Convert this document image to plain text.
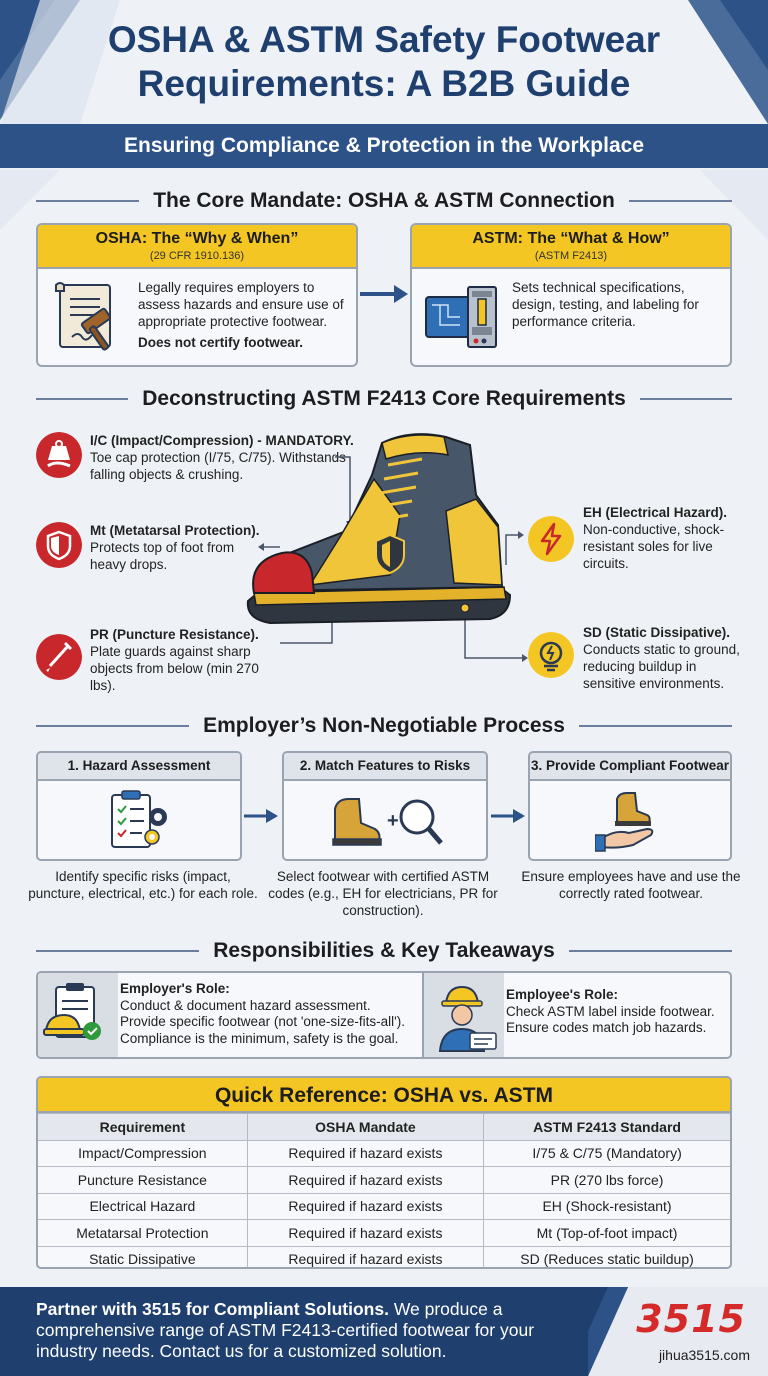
OSHA & ASTM Safety Footwear
Requirements: A B2B Guide
Ensuring Compliance & Protection in the Workplace
The Core Mandate: OSHA & ASTM Connection
OSHA: The “Why & When”
(29 CFR 1910.136)
Legally requires employers to assess hazards and ensure use of appropriate protective footwear.
Does not certify footwear.
ASTM: The “What & How”
(ASTM F2413)
Sets technical specifications, design, testing, and labeling for performance criteria.
Deconstructing ASTM F2413 Core Requirements
I/C (Impact/Compression) - MANDATORY.
Toe cap protection (I/75, C/75). Withstands falling objects & crushing.
Mt (Metatarsal Protection).
Protects top of foot from heavy drops.
PR (Puncture Resistance).
Plate guards against sharp objects from below (min 270 lbs).
EH (Electrical Hazard).
Non-conductive, shock-resistant soles for live circuits.
SD (Static Dissipative).
Conducts static to ground, reducing buildup in sensitive environments.
Employer’s Non-Negotiable Process
1. Hazard Assessment	2. Match Features to Risks
+
3. Provide Compliant Footwear
Identify specific risks (impact, puncture, electrical, etc.) for each role.
Select footwear with certified ASTM codes (e.g., EH for electricians, PR for construction).
Ensure employees have and use the correctly rated footwear.
Responsibilities & Key Takeaways
Employer's Role:
Conduct & document hazard assessment.
Provide specific footwear (not 'one-size-fits-all').
Compliance is the minimum, safety is the goal.
Employee's Role:
Check ASTM label inside footwear.
Ensure codes match job hazards.
Quick Reference: OSHA vs. ASTM
Requirement	OSHA Mandate	ASTM F2413 Standard
Impact/Compression	Required if hazard exists	I/75 & C/75 (Mandatory)
Puncture Resistance	Required if hazard exists	PR (270 lbs force)
Electrical Hazard	Required if hazard exists	EH (Shock-resistant)
Metatarsal Protection	Required if hazard exists	Mt (Top-of-foot impact)
Static Dissipative	Required if hazard exists	SD (Reduces static buildup)
Partner with 3515 for Compliant Solutions. We produce a comprehensive range of ASTM F2413-certified footwear for your industry needs. Contact us for a customized solution.
3515
jihua3515.com
